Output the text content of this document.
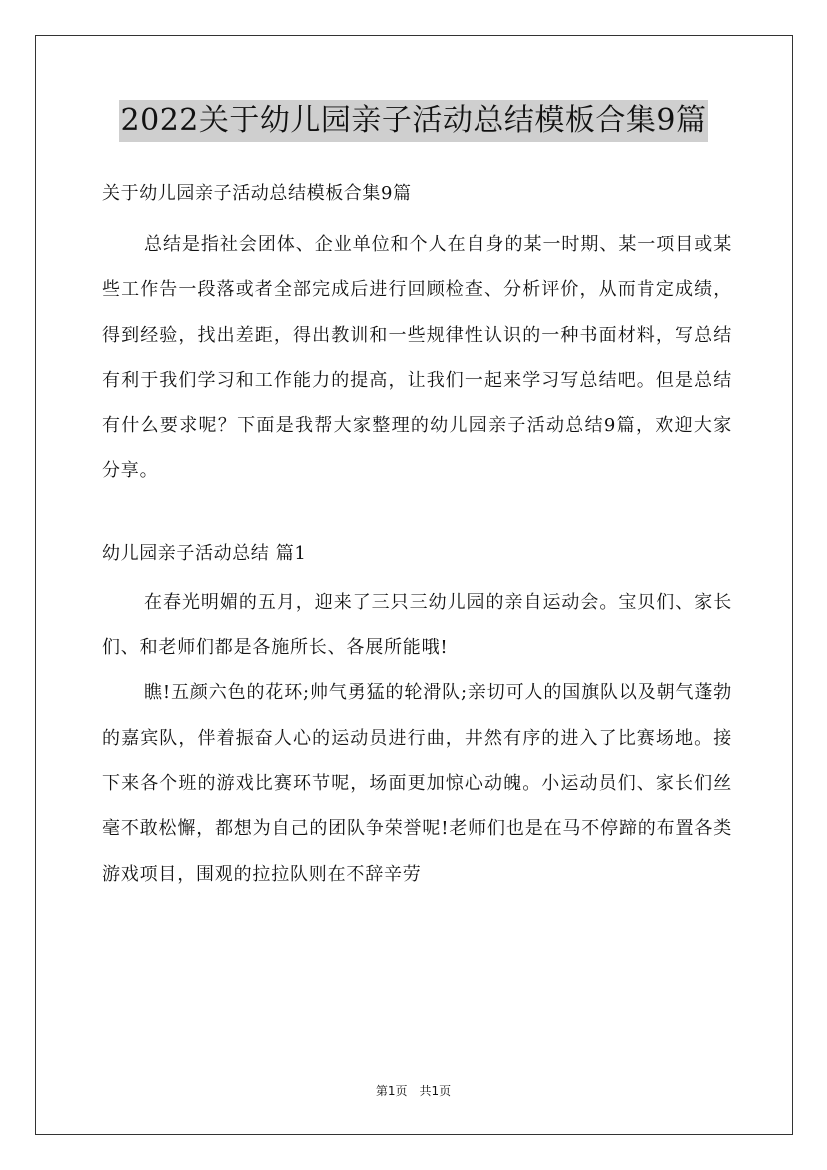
2022关于幼儿园亲子活动总结模板合集9篇
关于幼儿园亲子活动总结模板合集9篇
总结是指社会团体、企业单位和个人在自身的某一时期、某一项目或某些工作告一段落或者全部完成后进行回顾检查、分析评价，从而肯定成绩，得到经验，找出差距，得出教训和一些规律性认识的一种书面材料，写总结有利于我们学习和工作能力的提高，让我们一起来学习写总结吧。但是总结有什么要求呢？下面是我帮大家整理的幼儿园亲子活动总结9篇，欢迎大家分享。
幼儿园亲子活动总结 篇1
在春光明媚的五月，迎来了三只三幼儿园的亲自运动会。宝贝们、家长们、和老师们都是各施所长、各展所能哦!
瞧!五颜六色的花环;帅气勇猛的轮滑队;亲切可人的国旗队以及朝气蓬勃的嘉宾队，伴着振奋人心的运动员进行曲，井然有序的进入了比赛场地。接下来各个班的游戏比赛环节呢，场面更加惊心动魄。小运动员们、家长们丝毫不敢松懈，都想为自己的团队争荣誉呢!老师们也是在马不停蹄的布置各类游戏项目，围观的拉拉队则在不辞辛劳
第1页　共1页
